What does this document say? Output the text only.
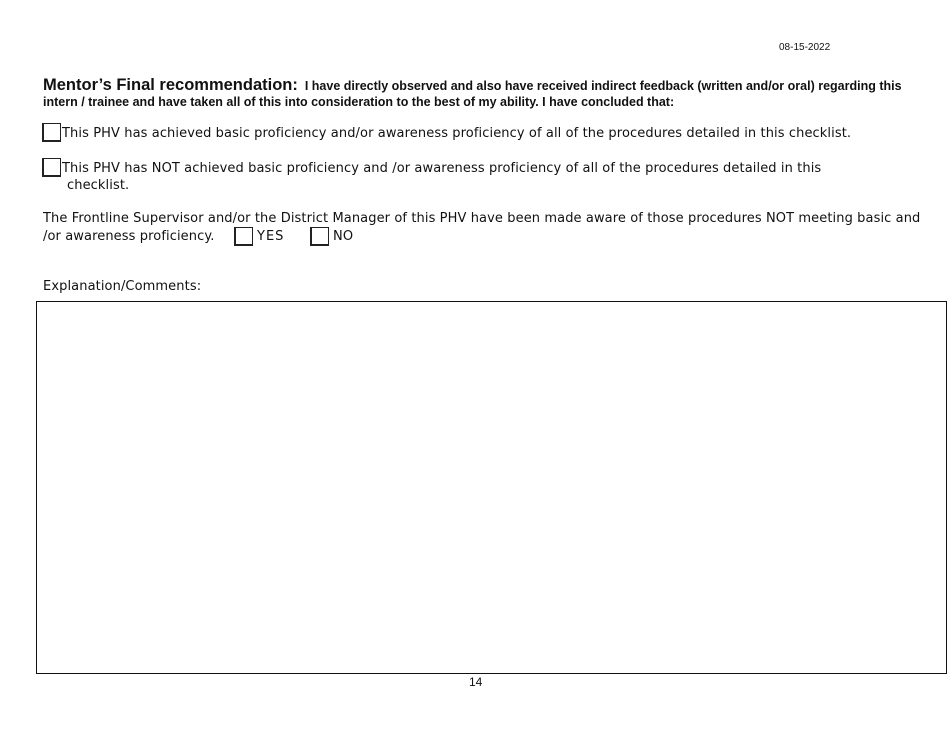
08-15-2022
Mentor’s Final recommendation: I have directly observed and also have received indirect feedback (written and/or oral) regarding this intern / trainee and have taken all of this into consideration to the best of my ability. I have concluded that:
This PHV has achieved basic proficiency and/or awareness proficiency of all of the procedures detailed in this checklist.
This PHV has NOT achieved basic proficiency and /or awareness proficiency of all of the procedures detailed in this
checklist.
The Frontline Supervisor and/or the District Manager of this PHV have been made aware of those procedures NOT meeting basic and /or awareness proficiency.	YES	NO
Explanation/Comments:
14
